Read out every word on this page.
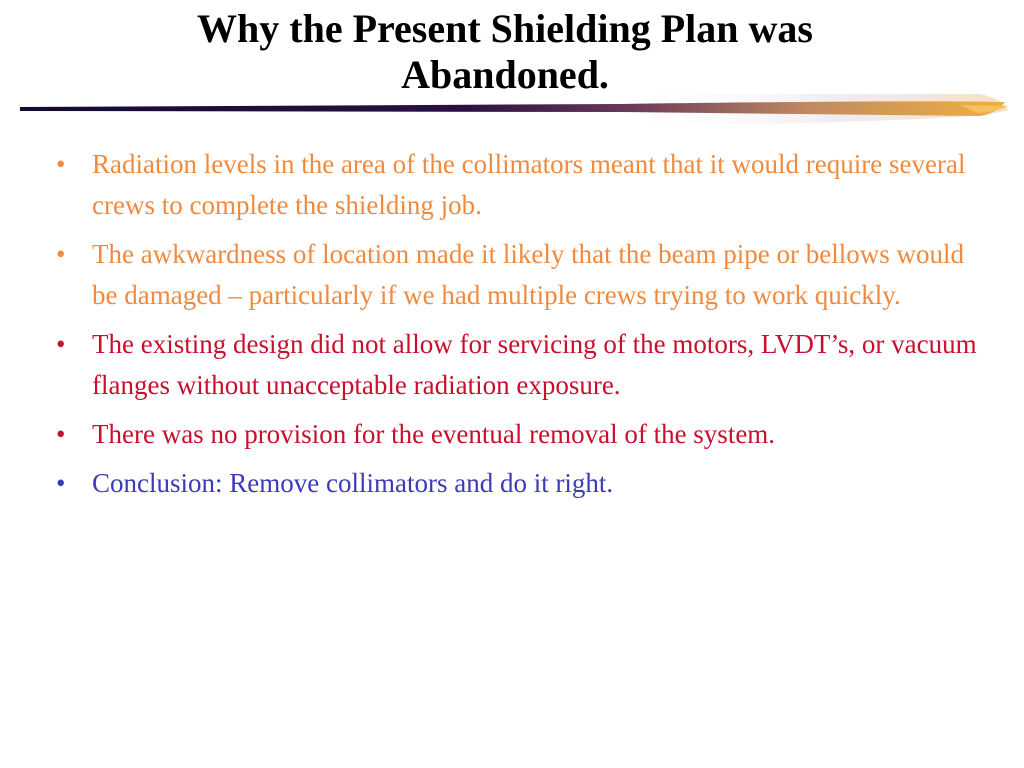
Why the Present Shielding Plan was
Abandoned.
• Radiation levels in the area of the collimators meant that it would require several crews to complete the shielding job.
• The awkwardness of location made it likely that the beam pipe or bellows would be damaged – particularly if we had multiple crews trying to work quickly.
• The existing design did not allow for servicing of the motors, LVDT’s, or vacuum flanges without unacceptable radiation exposure.
• There was no provision for the eventual removal of the system.
• Conclusion: Remove collimators and do it right.
